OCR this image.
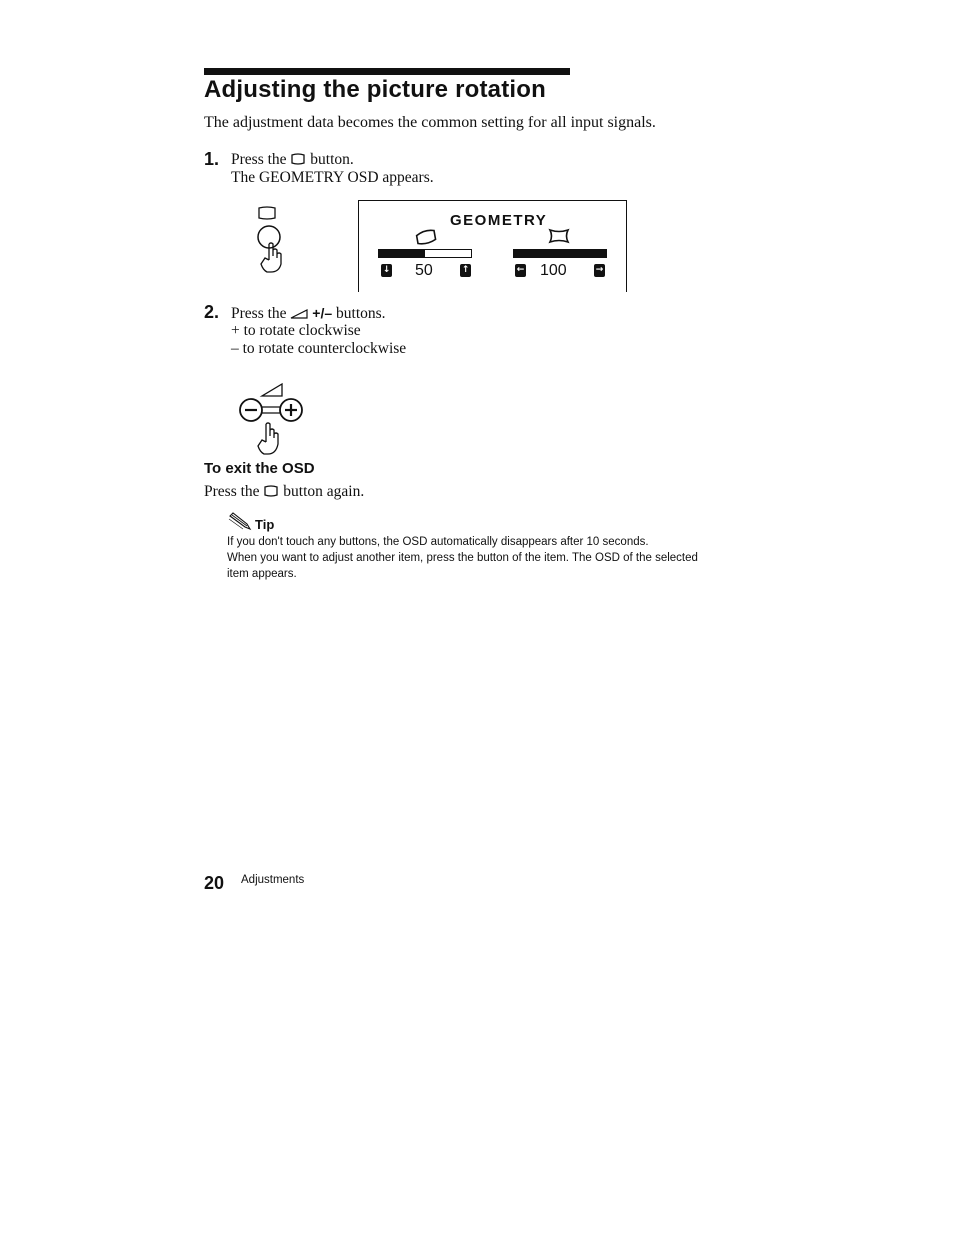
Adjusting the picture rotation
The adjustment data becomes the common setting for all input signals.
1. Press the button.
The GEOMETRY OSD appears.
GEOMETRY
↓ 50	↑	← 100	→
2. Press the +/– buttons.
+ to rotate clockwise
– to rotate counterclockwise
To exit the OSD
Press the button again.
Tip
If you don't touch any buttons, the OSD automatically disappears after 10 seconds.
When you want to adjust another item, press the button of the item. The OSD of the selected
item appears.
20 Adjustments
